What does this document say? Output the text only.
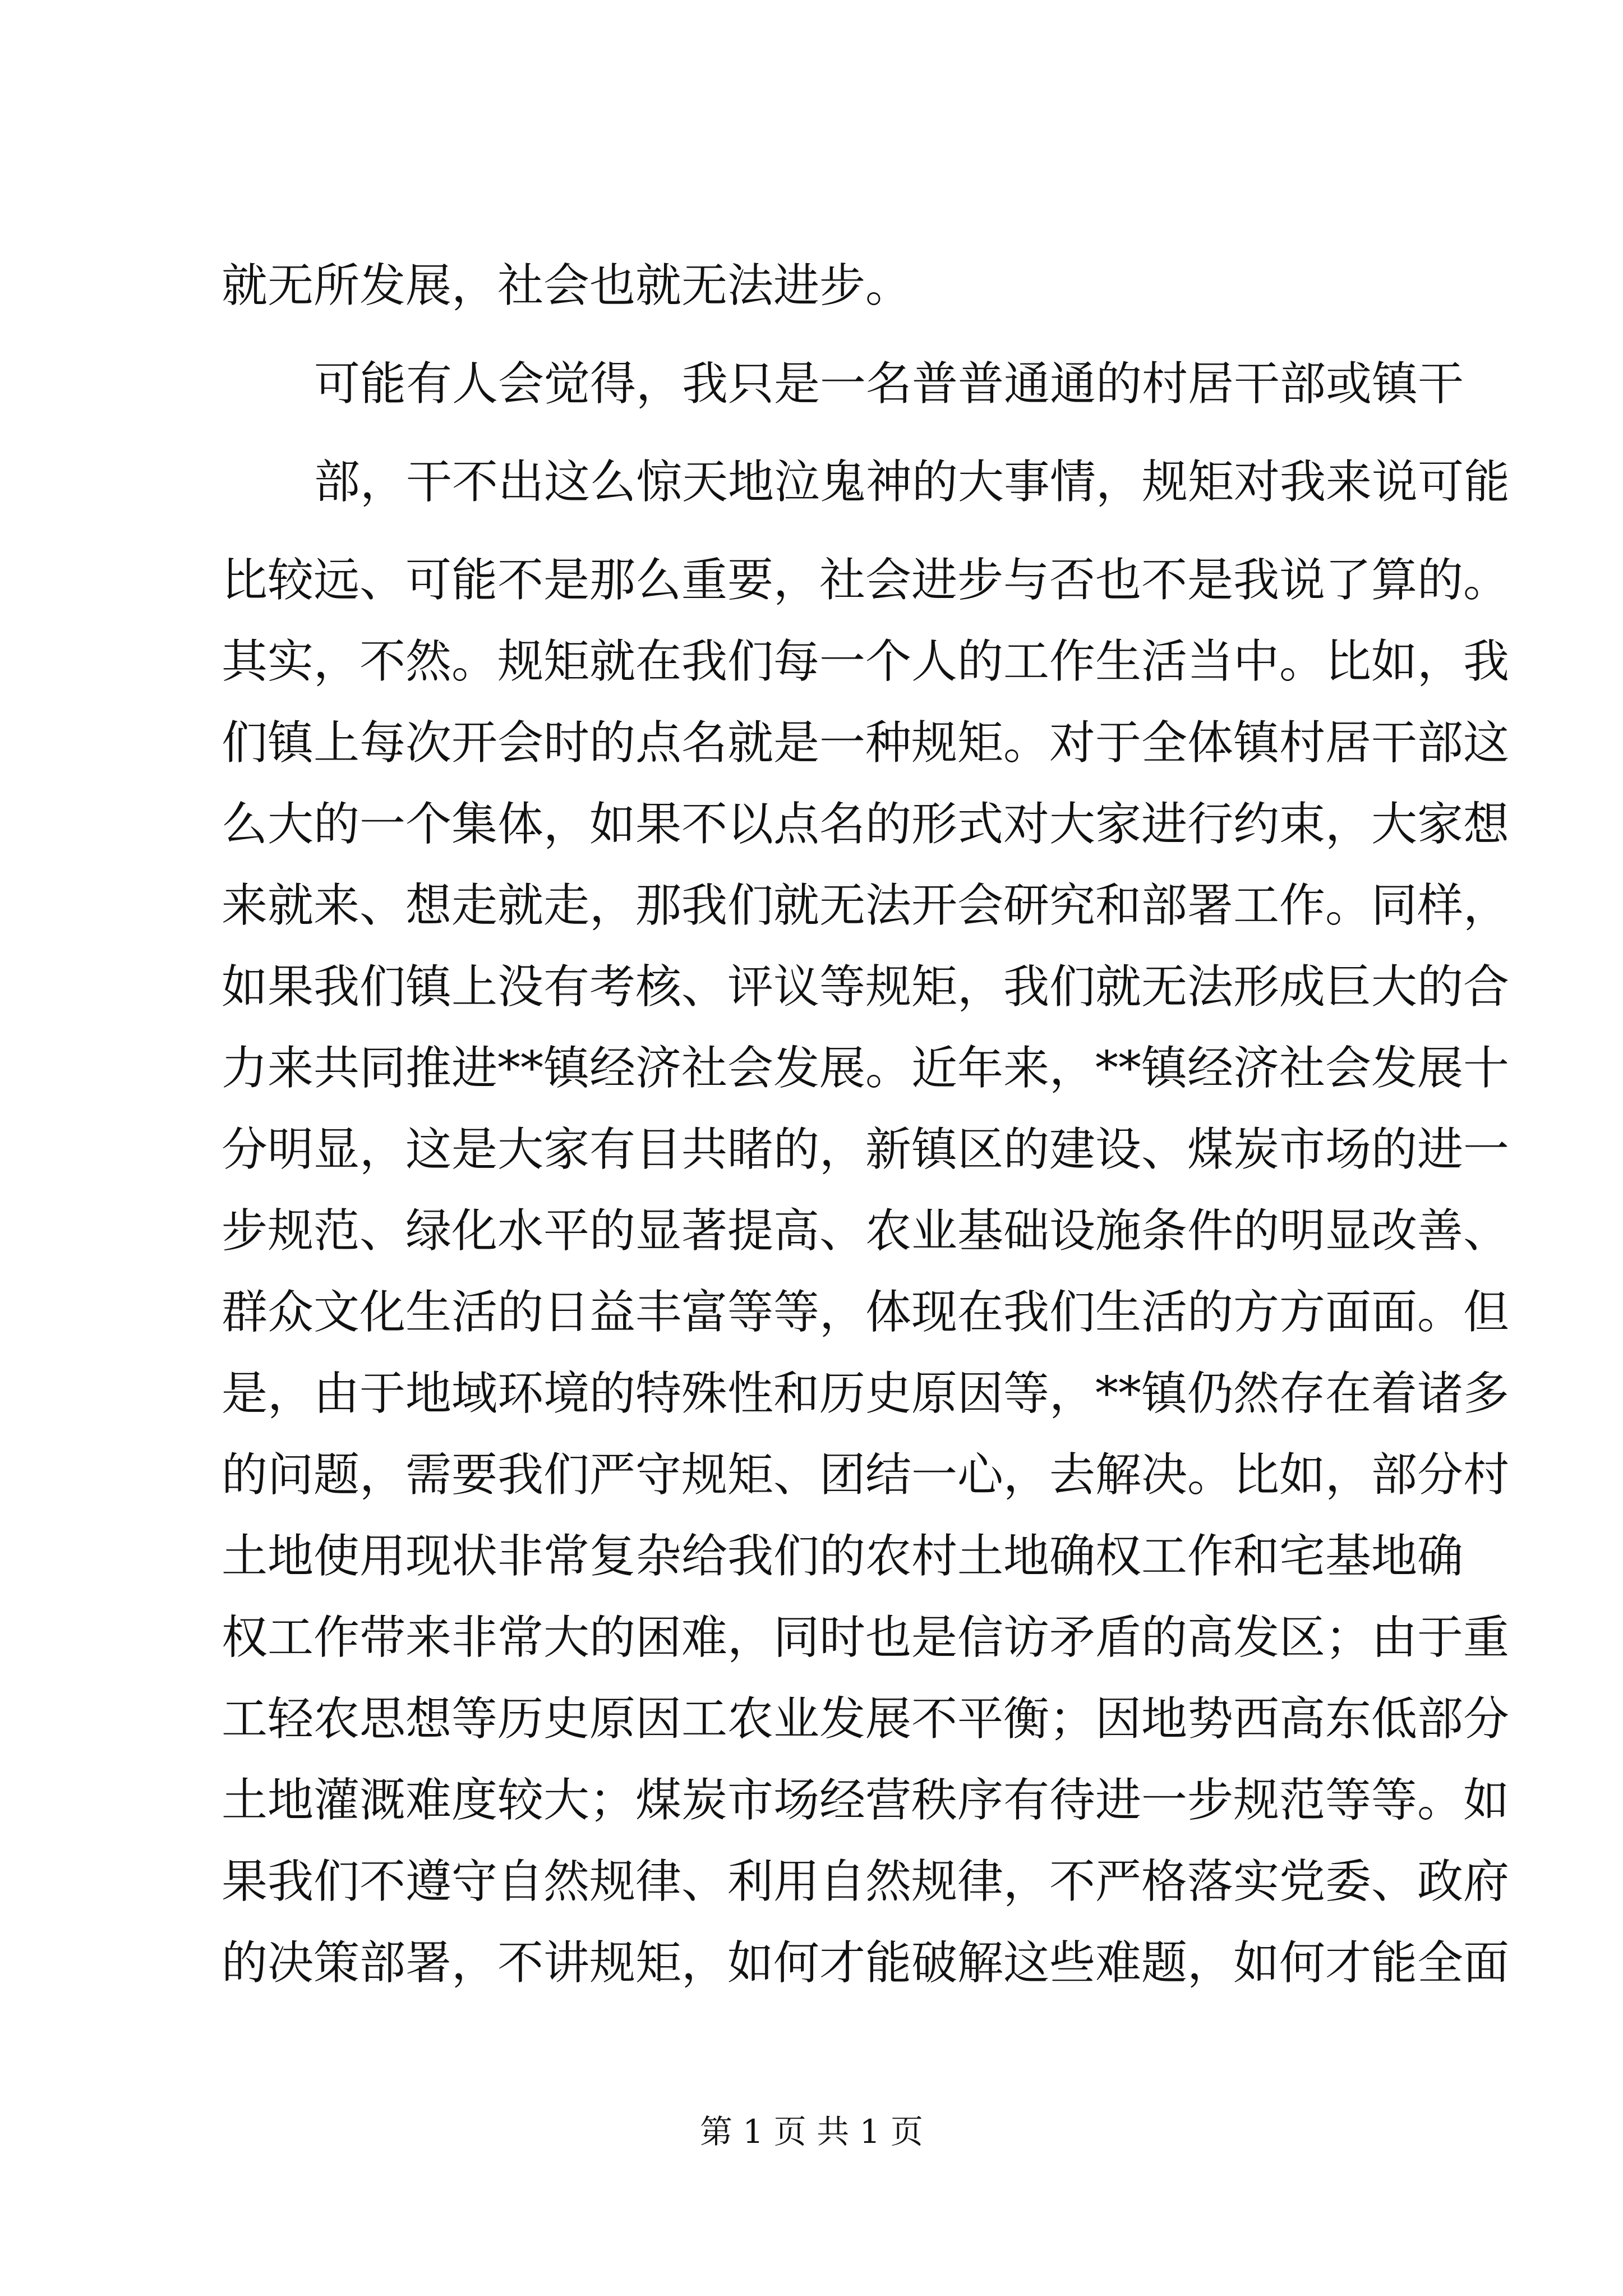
就无所发展，社会也就无法进步。
可能有人会觉得，我只是一名普普通通的村居干部或镇干
部，干不出这么惊天地泣鬼神的大事情，规矩对我来说可能
比较远、可能不是那么重要，社会进步与否也不是我说了算的。
其实，不然。规矩就在我们每一个人的工作生活当中。比如，我
们镇上每次开会时的点名就是一种规矩。对于全体镇村居干部这
么大的一个集体，如果不以点名的形式对大家进行约束，大家想
来就来、想走就走，那我们就无法开会研究和部署工作。同样，
如果我们镇上没有考核、评议等规矩，我们就无法形成巨大的合
力来共同推进**镇经济社会发展。近年来，**镇经济社会发展十
分明显，这是大家有目共睹的，新镇区的建设、煤炭市场的进一
步规范、绿化水平的显著提高、农业基础设施条件的明显改善、
群众文化生活的日益丰富等等，体现在我们生活的方方面面。但
是，由于地域环境的特殊性和历史原因等，**镇仍然存在着诸多
的问题，需要我们严守规矩、团结一心，去解决。比如，部分村
土地使用现状非常复杂给我们的农村土地确权工作和宅基地确
权工作带来非常大的困难，同时也是信访矛盾的高发区；由于重
工轻农思想等历史原因工农业发展不平衡；因地势西高东低部分
土地灌溉难度较大；煤炭市场经营秩序有待进一步规范等等。如
果我们不遵守自然规律、利用自然规律，不严格落实党委、政府
的决策部署，不讲规矩，如何才能破解这些难题，如何才能全面
第 1 页 共 1 页
